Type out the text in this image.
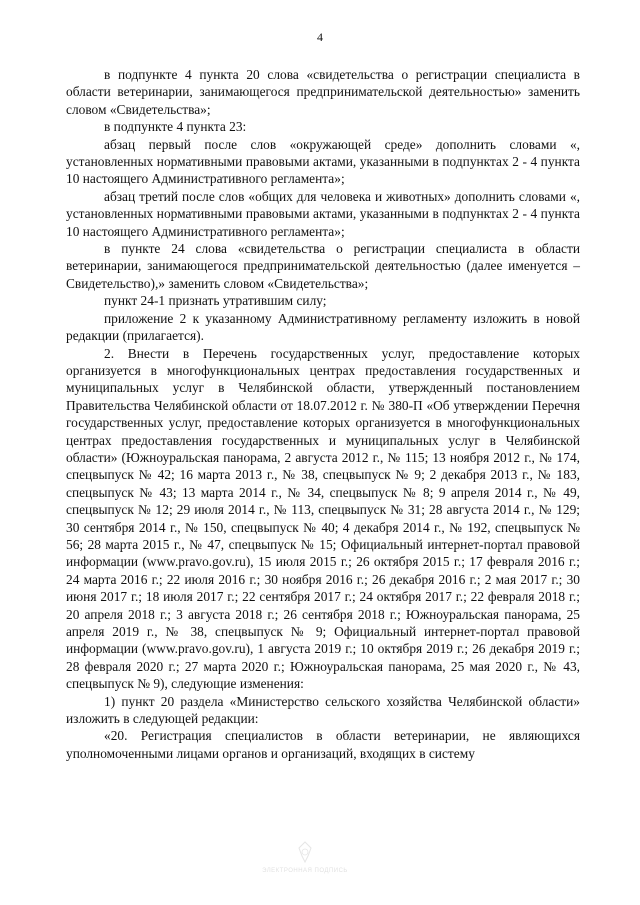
4

в подпункте 4 пункта 20 слова «свидетельства о регистрации специалиста в области ветеринарии, занимающегося предпринимательской деятельностью» заменить словом «Свидетельства»;

в подпункте 4 пункта 23:

абзац первый после слов «окружающей среде» дополнить словами «, установленных нормативными правовыми актами, указанными в подпунктах 2 - 4 пункта 10 настоящего Административного регламента»;

абзац третий после слов «общих для человека и животных» дополнить словами «, установленных нормативными правовыми актами, указанными в подпунктах 2 - 4 пункта 10 настоящего Административного регламента»;

в пункте 24 слова «свидетельства о регистрации специалиста в области ветеринарии, занимающегося предпринимательской деятельностью (далее именуется – Свидетельство),» заменить словом «Свидетельства»;

пункт 24-1 признать утратившим силу;

приложение 2 к указанному Административному регламенту изложить в новой редакции (прилагается).

2. Внести в Перечень государственных услуг, предоставление которых организуется в многофункциональных центрах предоставления государственных и муниципальных услуг в Челябинской области, утвержденный постановлением Правительства Челябинской области от 18.07.2012 г. № 380-П «Об утверждении Перечня государственных услуг, предоставление которых организуется в многофункциональных центрах предоставления государственных и муниципальных услуг в Челябинской области» (Южноуральская панорама, 2 августа 2012 г., № 115; 13 ноября 2012 г., № 174, спецвыпуск № 42; 16 марта 2013 г., № 38, спецвыпуск № 9; 2 декабря 2013 г., № 183, спецвыпуск № 43; 13 марта 2014 г., № 34, спецвыпуск № 8; 9 апреля 2014 г., № 49, спецвыпуск № 12; 29 июля 2014 г., № 113, спецвыпуск № 31; 28 августа 2014 г., № 129; 30 сентября 2014 г., № 150, спецвыпуск № 40; 4 декабря 2014 г., № 192, спецвыпуск № 56; 28 марта 2015 г., № 47, спецвыпуск № 15; Официальный интернет-портал правовой информации (www.pravo.gov.ru), 15 июля 2015 г.; 26 октября 2015 г.; 17 февраля 2016 г.; 24 марта 2016 г.; 22 июля 2016 г.; 30 ноября 2016 г.; 26 декабря 2016 г.; 2 мая 2017 г.; 30 июня 2017 г.; 18 июля 2017 г.; 22 сентября 2017 г.; 24 октября 2017 г.; 22 февраля 2018 г.; 20 апреля 2018 г.; 3 августа 2018 г.; 26 сентября 2018 г.; Южноуральская панорама, 25 апреля 2019 г., № 38, спецвыпуск № 9; Официальный интернет-портал правовой информации (www.pravo.gov.ru), 1 августа 2019 г.; 10 октября 2019 г.; 26 декабря 2019 г.; 28 февраля 2020 г.; 27 марта 2020 г.; Южноуральская панорама, 25 мая 2020 г., № 43, спецвыпуск № 9), следующие изменения:

1) пункт 20 раздела «Министерство сельского хозяйства Челябинской области» изложить в следующей редакции:

«20. Регистрация специалистов в области ветеринарии, не являющихся уполномоченными лицами органов и организаций, входящих в систему

ЭЛЕКТРОННАЯ ПОДПИСЬ
